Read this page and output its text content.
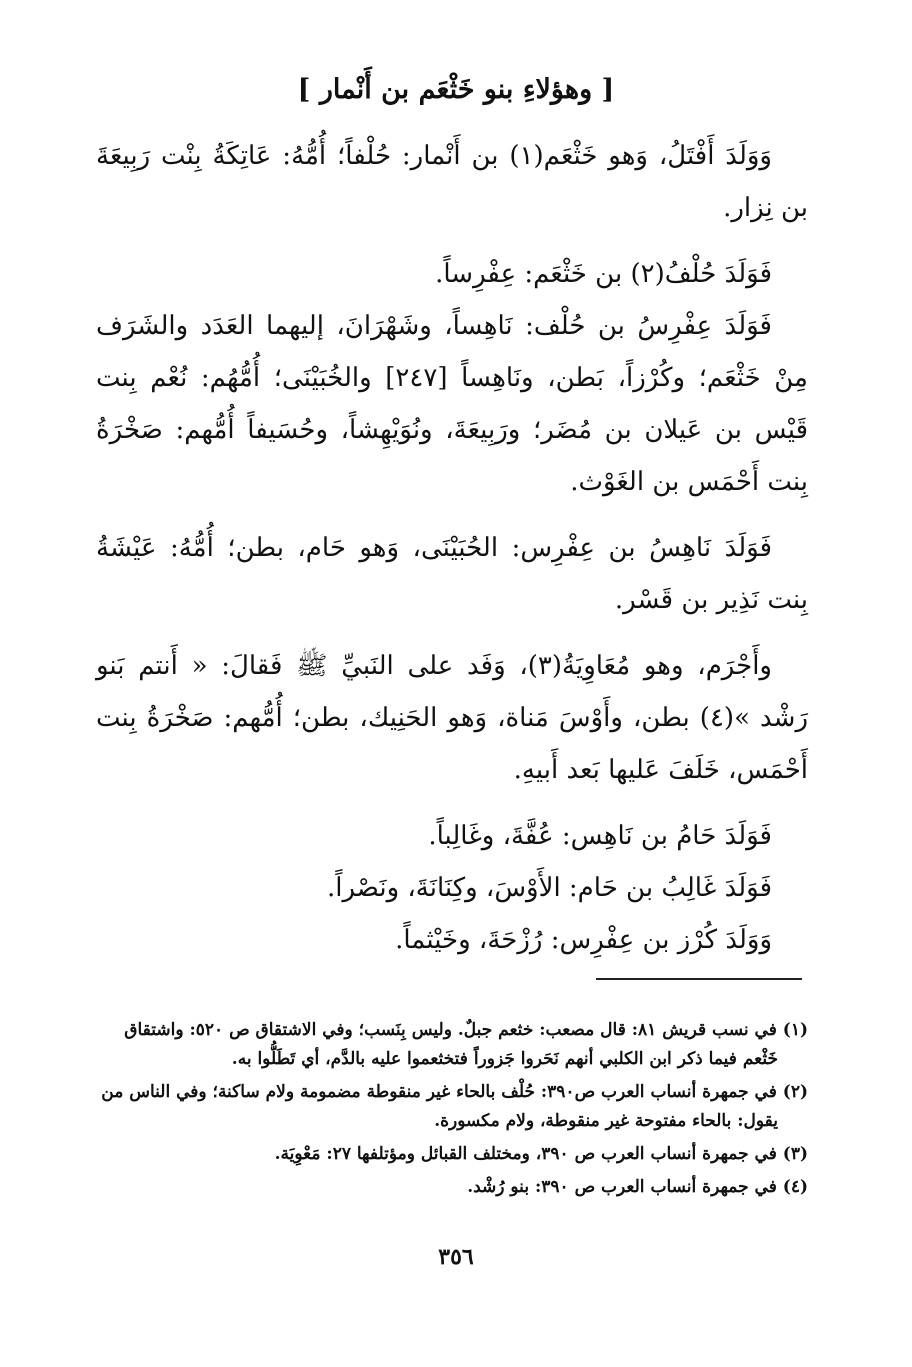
[ وهؤلاءِ بنو خَثْعَم بن أَنْمار ]

وَوَلَدَ أَفْتَلُ، وَهو خَثْعَم(١) بن أَنْمار: حُلْفاً؛ أُمُّهُ: عَاتِكَةُ بِنْت رَبِيعَةَ بن نِزار.

فَوَلَدَ حُلْفُ(٢) بن خَثْعَم: عِفْرِساً.

فَوَلَدَ عِفْرِسُ بن حُلْف: نَاهِساً، وشَهْرَانَ، إليهما العَدَد والشَرَف مِنْ خَثْعَم؛ وكُرْزاً، بَطن، ونَاهِساً [٢٤٧] والخُبَيْنَى؛ أُمُّهُم: نُعْم بِنت قَيْس بن عَيلان بن مُضَر؛ ورَبِيعَةَ، ونُوَيْهِشاً، وحُسَيفاً أُمُّهم: صَخْرَةُ بِنت أَحْمَس بن الغَوْث.

فَوَلَدَ نَاهِسُ بن عِفْرِس: الحُبَيْنَى، وَهو حَام، بطن؛ أُمُّهُ: عَيْشَةُ بِنت نَذِير بن قَسْر.

وأَجْرَم، وهو مُعَاوِيَةُ(٣)، وَفَد على النَبيِّ ﷺ فَقالَ: « أَنتم بَنو رَشْد »(٤) بطن، وأَوْسَ مَناة، وَهو الحَنِيك، بطن؛ أُمُّهم: صَخْرَةُ بِنت أَحْمَس، خَلَفَ عَليها بَعد أَبيهِ.

فَوَلَدَ حَامُ بن نَاهِس: عُفَّةَ، وغَالِباً.

فَوَلَدَ غَالِبُ بن حَام: الأَوْسَ، وكِنَانَةَ، ونَصْراً.

وَوَلَدَ كُرْز بن عِفْرِس: رُزْحَةَ، وخَيْثماً.

(١) في نسب قريش ٨١: قال مصعب: خثعم جبلٌ. وليس بِنَسب؛ وفي الاشتقاق ص ٥٢٠: واشتقاق
خَثْعم فيما ذكر ابن الكلبي أنهم نَحَروا جَزوراً فتخثعموا عليه بالدَّم، أي تَطَلُّوا به.

(٢) في جمهرة أنساب العرب ص٣٩٠: حُلْف بالحاء غير منقوطة مضمومة ولام ساكنة؛ وفي الناس من
يقول: بالحاء مفتوحة غير منقوطة، ولام مكسورة.

(٣) في جمهرة أنساب العرب ص ٣٩٠، ومختلف القبائل ومؤتلفها ٢٧: مَعْوِيَة.

(٤) في جمهرة أنساب العرب ص ٣٩٠: بنو رُشْد.

٣٥٦
